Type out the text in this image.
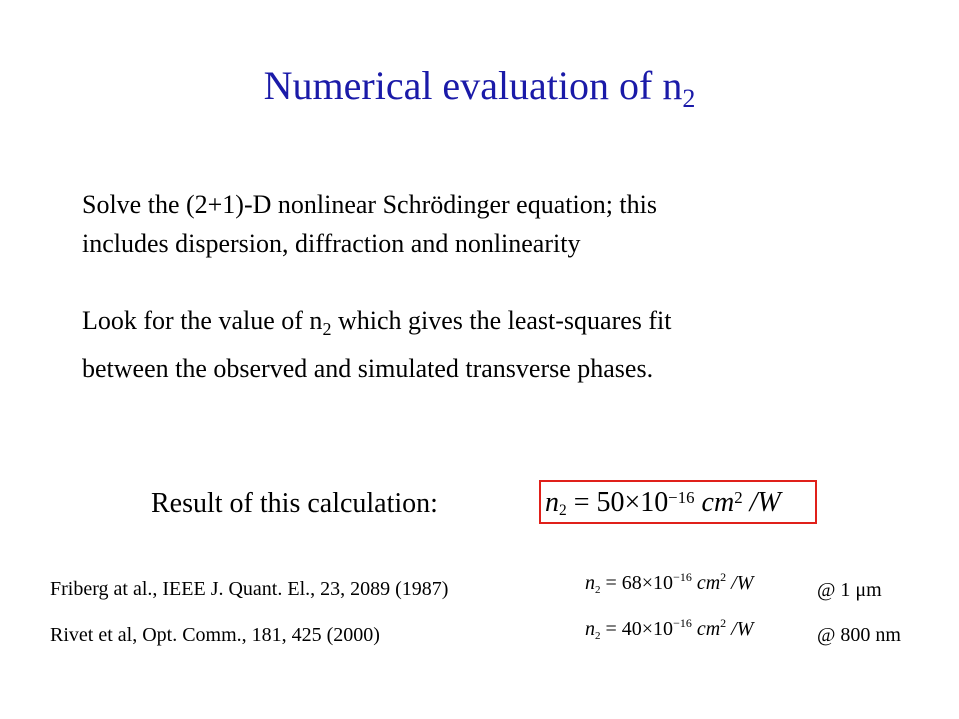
Numerical evaluation of $n_2$
Solve the (2+1)-D nonlinear Schrödinger equation; this
includes dispersion, diffraction and nonlinearity
Look for the value of $n_2$ which gives the least-squares fit
between the observed and simulated transverse phases.
Result of this calculation:	$n_2 = 50\times 10^{-16}$ $cm^2$ /W
Friberg at al., IEEE J. Quant. El., 23, 2089 (1987)	$n_2 = 68\times 10^{-16}$ $cm^2$ /W	@ 1 μm
Rivet et al, Opt. Comm., 181, 425 (2000)	$n_2 = 40\times 10^{-16}$ $cm^2$ /W	@ 800 nm
